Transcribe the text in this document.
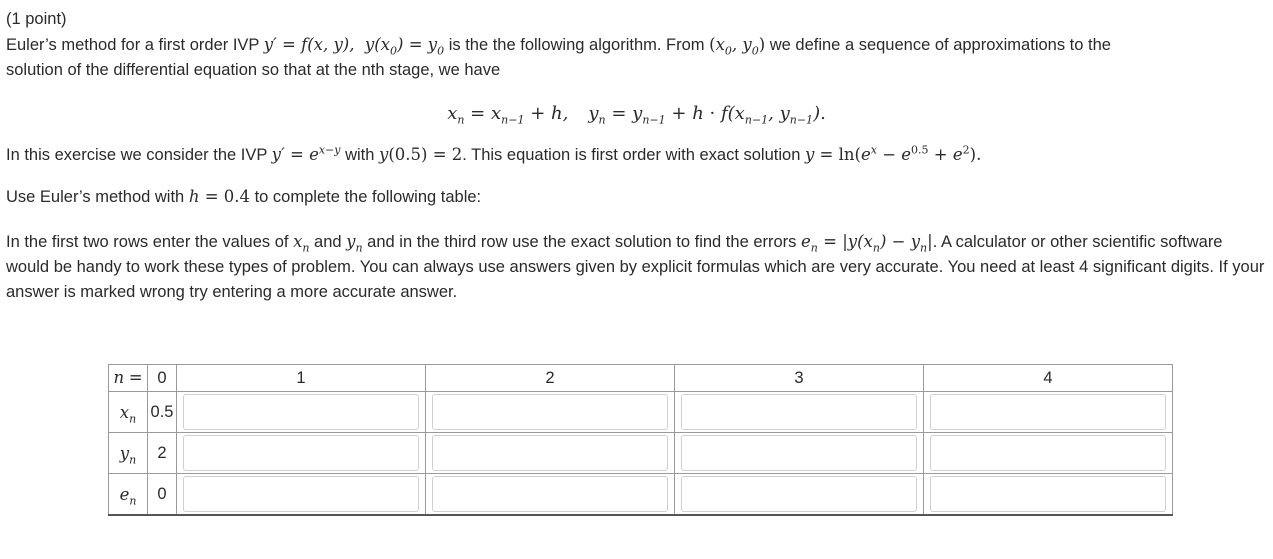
(1 point)
Euler’s method for a first order IVP y′ = f(x, y),  $y(x_0) = y_0$ is the the following algorithm. From ($x_0$, $y_0$) we define a sequence of approximations to the
solution of the differential equation so that at the nth stage, we have
$x_n = x_{n-1} + h$, $y_n = y_{n-1} + h \cdot f(x_{n-1}$, $y_{n-1}$).
In this exercise we consider the IVP $y' = e^{x-y}$ with y(0.5) = 2. This equation is first order with exact solution $y = \ln(e^x - e^{0.5} + e^2)$.
Use Euler’s method with h = 0.4 to complete the following table:
In the first two rows enter the values of $x_n$ and $y_n$ and in the third row use the exact solution to find the errors $e_n = |y(x_n) - y_n|$. A calculator or other scientific software would be handy to work these types of problem. You can always use answers given by explicit formulas which are very accurate. You need at least 4 significant digits. If your answer is marked wrong try entering a more accurate answer.
n =	0	1	2	3	4
$x_n$	0.5	

$y_n$	2	

$e_n$	0	
